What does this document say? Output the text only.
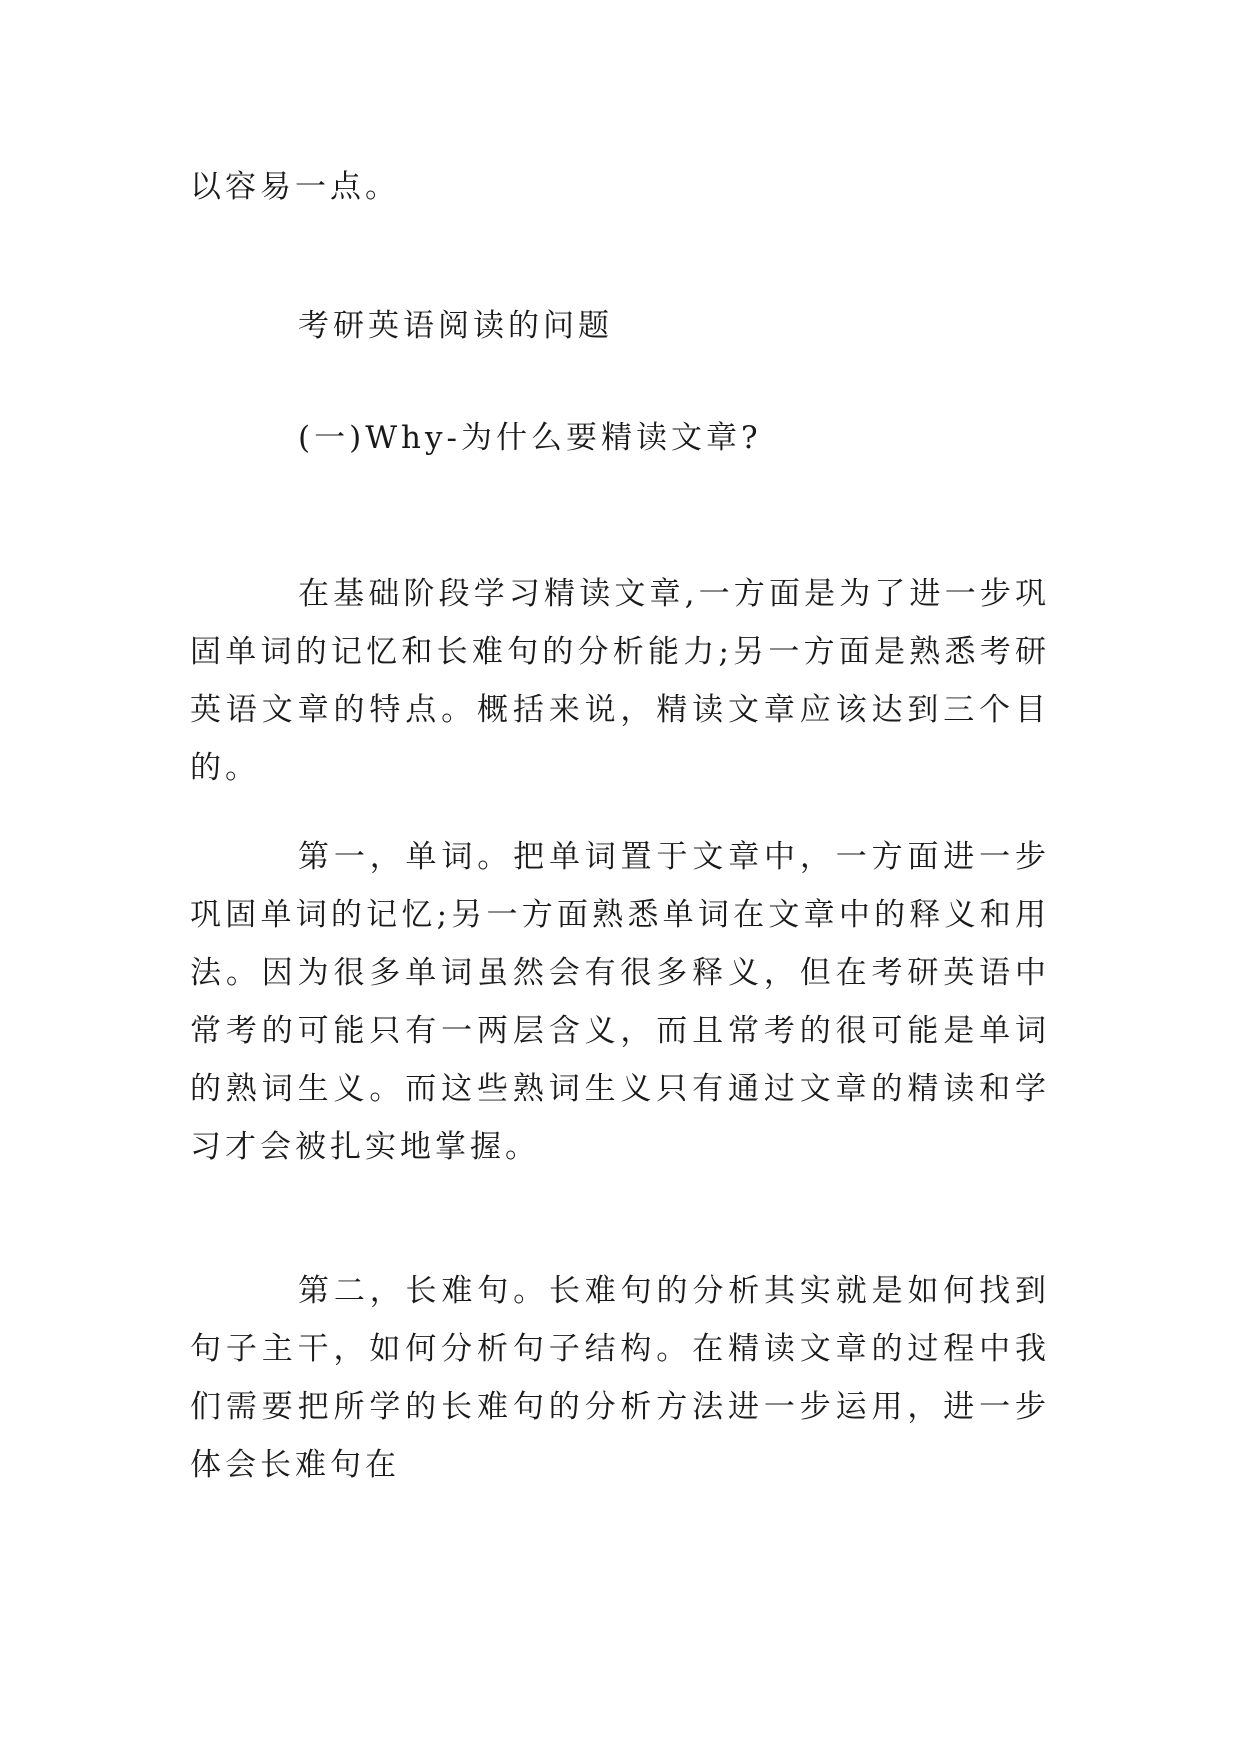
以容易一点。
考研英语阅读的问题
(一)Why-为什么要精读文章?
在基础阶段学习精读文章,一方面是为了进一步巩固单词的记忆和长难句的分析能力;另一方面是熟悉考研英语文章的特点。概括来说，精读文章应该达到三个目的。
第一，单词。把单词置于文章中，一方面进一步巩固单词的记忆;另一方面熟悉单词在文章中的释义和用法。因为很多单词虽然会有很多释义，但在考研英语中常考的可能只有一两层含义，而且常考的很可能是单词的熟词生义。而这些熟词生义只有通过文章的精读和学习才会被扎实地掌握。
第二，长难句。长难句的分析其实就是如何找到句子主干，如何分析句子结构。在精读文章的过程中我们需要把所学的长难句的分析方法进一步运用，进一步体会长难句在
